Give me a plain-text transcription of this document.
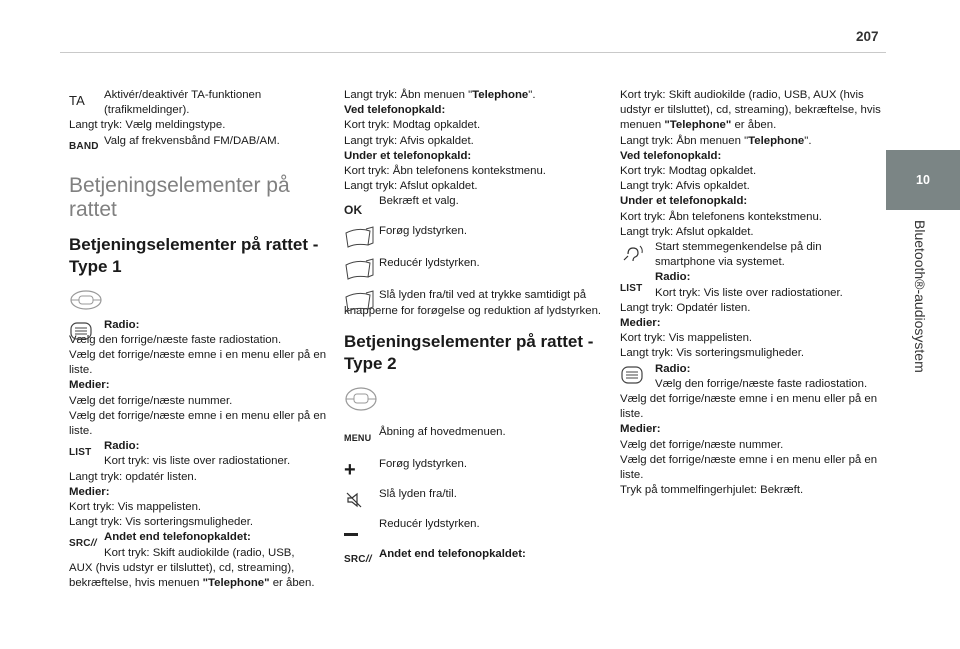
207
10
Bluetooth®-audiosystem
TA Aktivér/deaktivér TA-funktionen (trafikmeldinger).

Langt tryk: Vælg meldingstype.

BAND Valg af frekvensbånd FM/DAB/AM.

Betjeningselementer på rattet
Betjeningselementer på rattet - Type 1

Radio:

Vælg den forrige/næste faste radiostation.

Vælg det forrige/næste emne i en menu eller på en liste.

Medier:

Vælg det forrige/næste nummer.

Vælg det forrige/næste emne i en menu eller på en liste.

LIST Radio:

Kort tryk: vis liste over radiostationer.

Langt tryk: opdatér listen.

Medier:

Kort tryk: Vis mappelisten.

Langt tryk: Vis sorteringsmuligheder.

SRC // Andet end telefonopkaldet:

Kort tryk: Skift audiokilde (radio, USB,

AUX (hvis udstyr er tilsluttet), cd, streaming), bekræftelse, hvis menuen "Telephone" er åben.

Langt tryk: Åbn menuen "Telephone".

Ved telefonopkald:

Kort tryk: Modtag opkaldet.

Langt tryk: Afvis opkaldet.

Under et telefonopkald:

Kort tryk: Åbn telefonens kontekstmenu.

Langt tryk: Afslut opkaldet.

OK

Bekræft et valg.

Forøg lydstyrken.

Reducér lydstyrken.

Slå lyden fra/til ved at trykke samtidigt på knapperne for forøgelse og reduktion af lydstyrken.

Betjeningselementer på rattet - Type 2
MENU

Åbning af hovedmenuen.

+ Forøg lydstyrken.

Slå lyden fra/til.

Reducér lydstyrken.

SRC // Andet end telefonopkaldet:

Kort tryk: Skift audiokilde (radio, USB, AUX (hvis udstyr er tilsluttet), cd, streaming), bekræftelse, hvis menuen "Telephone" er åben.

Langt tryk: Åbn menuen "Telephone".

Ved telefonopkald:

Kort tryk: Modtag opkaldet.

Langt tryk: Afvis opkaldet.

Under et telefonopkald:

Kort tryk: Åbn telefonens kontekstmenu.

Langt tryk: Afslut opkaldet.

Start stemmegenkendelse på din smartphone via systemet.

LIST

Radio:

Kort tryk: Vis liste over radiostationer.

Langt tryk: Opdatér listen.

Medier:

Kort tryk: Vis mappelisten.

Langt tryk: Vis sorteringsmuligheder.

Radio:

Vælg den forrige/næste faste radiostation.

Vælg det forrige/næste emne i en menu eller på en liste.

Medier:

Vælg det forrige/næste nummer.

Vælg det forrige/næste emne i en menu eller på en liste.

Tryk på tommelfingerhjulet: Bekræft.
